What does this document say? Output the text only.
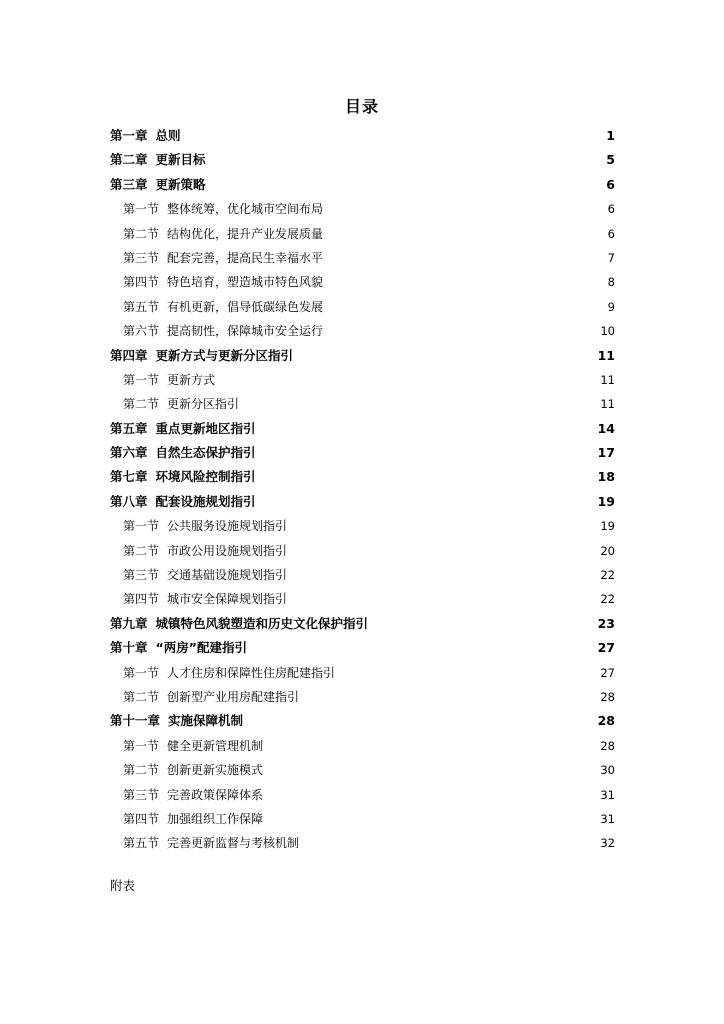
目录
第一章 总则	1
第二章 更新目标	5
第三章 更新策略	6
第一节 整体统筹，优化城市空间布局	6
第二节 结构优化，提升产业发展质量	6
第三节 配套完善，提高民生幸福水平	7
第四节 特色培育，塑造城市特色风貌	8
第五节 有机更新，倡导低碳绿色发展	9
第六节 提高韧性，保障城市安全运行	10
第四章 更新方式与更新分区指引	11
第一节 更新方式	11
第二节 更新分区指引	11
第五章 重点更新地区指引	14
第六章 自然生态保护指引	17
第七章 环境风险控制指引	18
第八章 配套设施规划指引	19
第一节 公共服务设施规划指引	19
第二节 市政公用设施规划指引	20
第三节 交通基础设施规划指引	22
第四节 城市安全保障规划指引	22
第九章 城镇特色风貌塑造和历史文化保护指引	23
第十章 “两房”配建指引	27
第一节 人才住房和保障性住房配建指引	27
第二节 创新型产业用房配建指引	28
第十一章 实施保障机制	28
第一节 健全更新管理机制	28
第二节 创新更新实施模式	30
第三节 完善政策保障体系	31
第四节 加强组织工作保障	31
第五节 完善更新监督与考核机制	32
附表
